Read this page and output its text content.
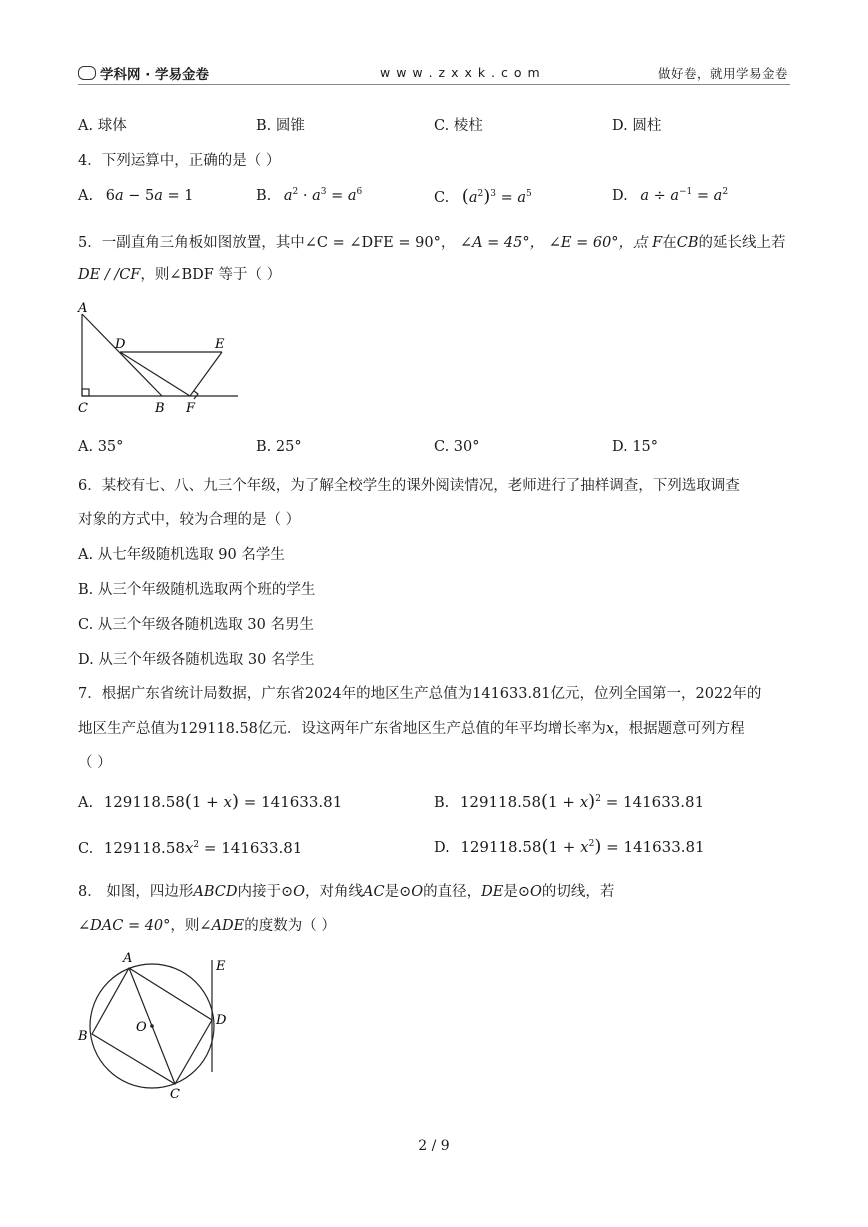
学科网 · 学易金卷	w w w . z x x k . c o m	做好卷，就用学易金卷
A. 球体	B. 圆锥	C. 棱柱	D. 圆柱
4．下列运算中，正确的是（ ）
A. 6a − 5a = 1	B. $a^2 \cdot a^3 = a^6$	C. $(a^2)^3 = a^5$	D. $a \div a^{-1} = a^2$
5．一副直角三角板如图放置，其中∠C = ∠DFE = 90°， ∠A = 45°， ∠E = 60°，点 F在CB的延长线上若
DE / /CF，则∠BDF 等于（ ）
A
D	E
C	B F
A. 35°	B. 25°	C. 30°	D. 15°
6．某校有七、八、九三个年级，为了解全校学生的课外阅读情况，老师进行了抽样调查，下列选取调查
对象的方式中，较为合理的是（ ）
A. 从七年级随机选取 90 名学生
B. 从三个年级随机选取两个班的学生
C. 从三个年级各随机选取 30 名男生
D. 从三个年级各随机选取 30 名学生
7．根据广东省统计局数据，广东省2024年的地区生产总值为141633.81亿元，位列全国第一，2022年的
地区生产总值为129118.58亿元．设这两年广东省地区生产总值的年平均增长率为x，根据题意可列方程
（ ）
A. 129118.58(1 + x) = 141633.81	B. $129118.58(1 + x)^2 = 141633.81$
C. $129118.58x^2 = 141633.81$	D. $129118.58(1 + x^2) = 141633.81$
8． 如图，四边形ABCD内接于⊙O，对角线AC是⊙O的直径，DE是⊙O的切线，若
∠DAC = 40°，则∠ADE的度数为（ ）
A
B
C
D
E
O
2 / 9
